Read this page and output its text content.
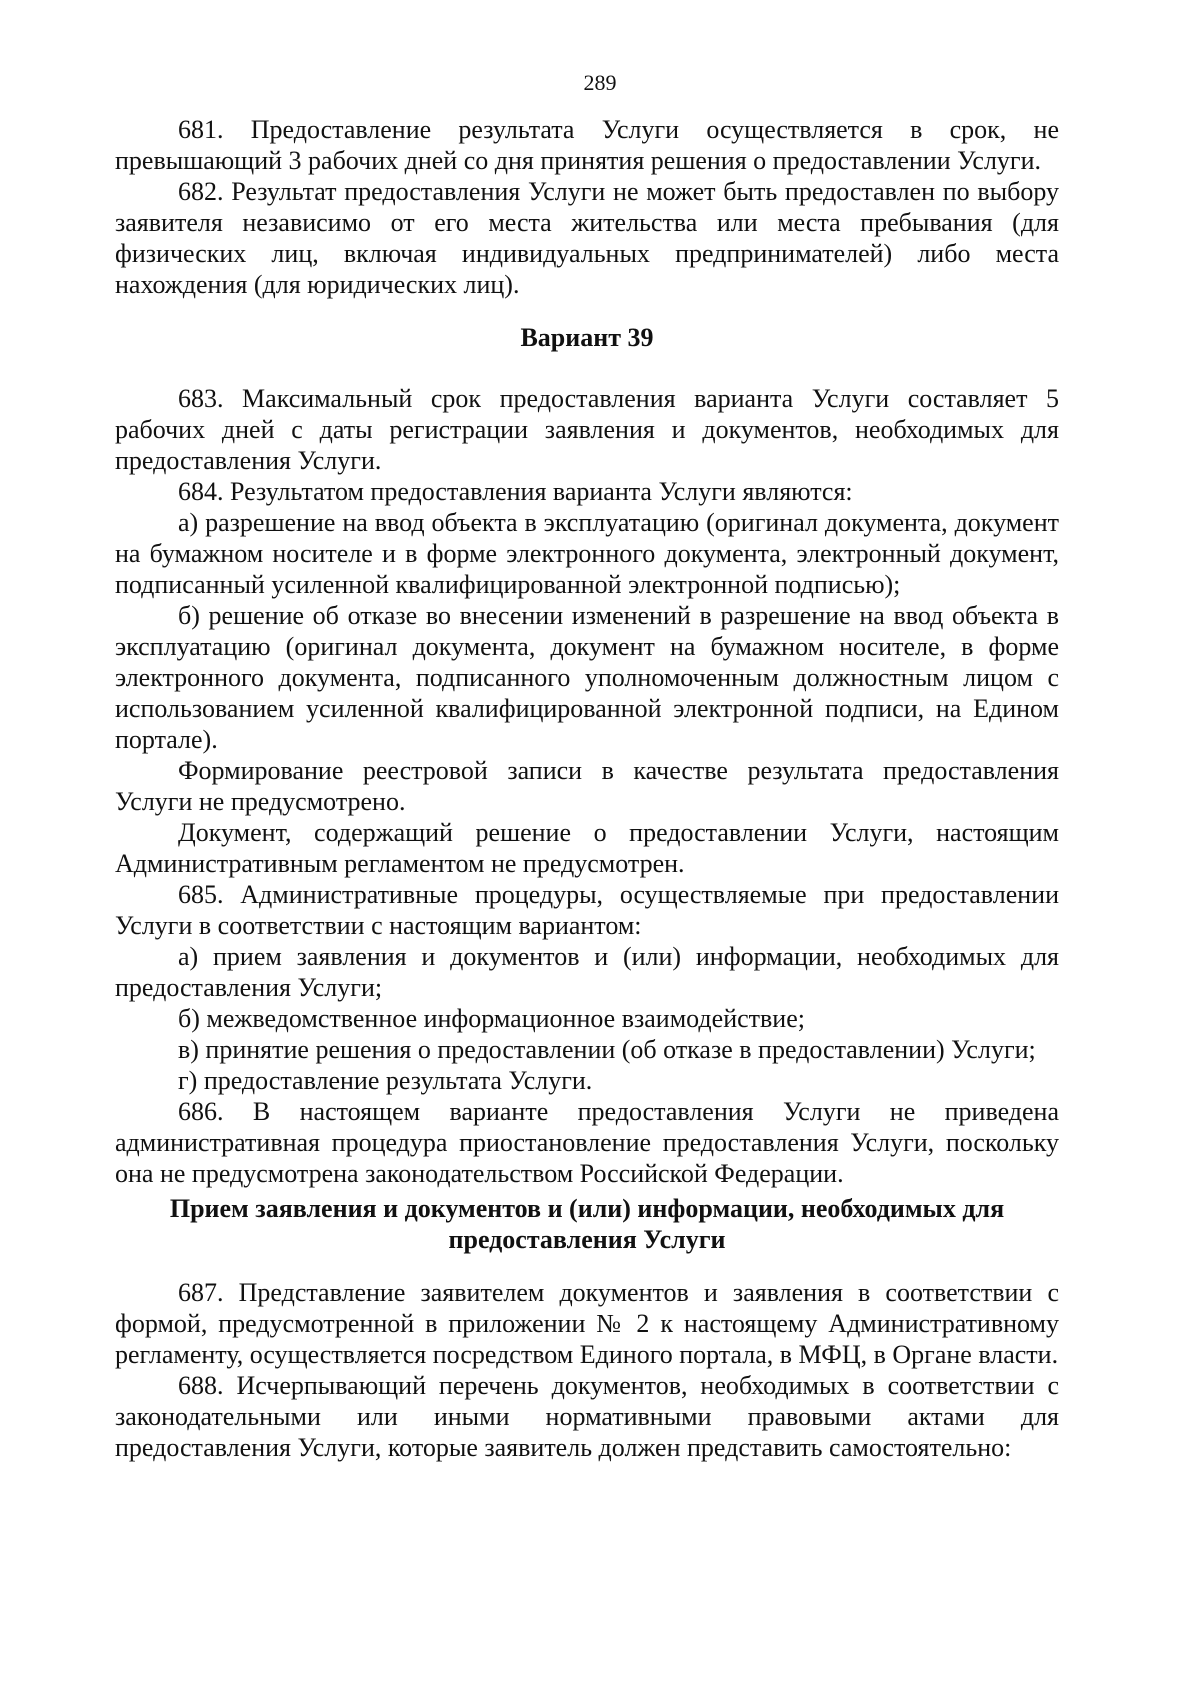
289

681. Предоставление результата Услуги осуществляется в срок, не превышающий 3 рабочих дней со дня принятия решения о предоставлении Услуги.

682. Результат предоставления Услуги не может быть предоставлен по выбору заявителя независимо от его места жительства или места пребывания (для физических лиц, включая индивидуальных предпринимателей) либо места нахождения (для юридических лиц).

Вариант 39

683. Максимальный срок предоставления варианта Услуги составляет 5 рабочих дней с даты регистрации заявления и документов, необходимых для предоставления Услуги.

684. Результатом предоставления варианта Услуги являются:

а) разрешение на ввод объекта в эксплуатацию (оригинал документа, документ на бумажном носителе и в форме электронного документа, электронный документ, подписанный усиленной квалифицированной электронной подписью);

б) решение об отказе во внесении изменений в разрешение на ввод объекта в эксплуатацию (оригинал документа, документ на бумажном носителе, в форме электронного документа, подписанного уполномоченным должностным лицом с использованием усиленной квалифицированной электронной подписи, на Едином портале).

Формирование реестровой записи в качестве результата предоставления Услуги не предусмотрено.

Документ, содержащий решение о предоставлении Услуги, настоящим Административным регламентом не предусмотрен.

685. Административные процедуры, осуществляемые при предоставлении Услуги в соответствии с настоящим вариантом:

а) прием заявления и документов и (или) информации, необходимых для предоставления Услуги;

б) межведомственное информационное взаимодействие;

в) принятие решения о предоставлении (об отказе в предоставлении) Услуги;

г) предоставление результата Услуги.

686. В настоящем варианте предоставления Услуги не приведена административная процедура приостановление предоставления Услуги, поскольку она не предусмотрена законодательством Российской Федерации.

Прием заявления и документов и (или) информации, необходимых для предоставления Услуги

687. Представление заявителем документов и заявления в соответствии с формой, предусмотренной в приложении № 2 к настоящему Административному регламенту, осуществляется посредством Единого портала, в МФЦ, в Органе власти.

688. Исчерпывающий перечень документов, необходимых в соответствии с законодательными или иными нормативными правовыми актами для предоставления Услуги, которые заявитель должен представить самостоятельно:
